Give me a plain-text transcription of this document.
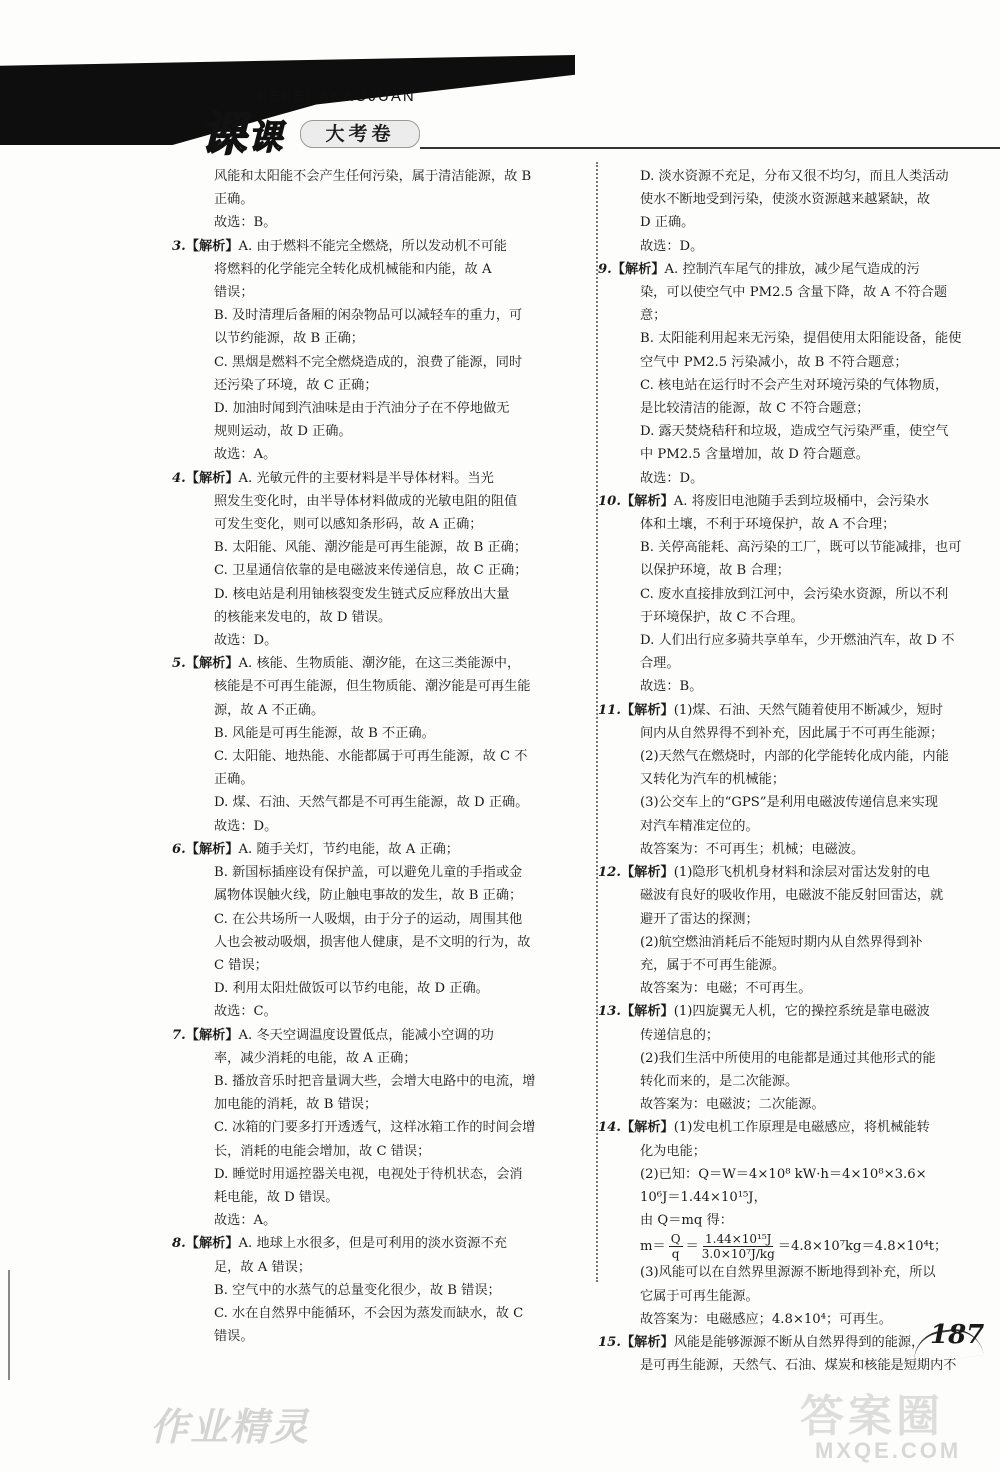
课 课
KEKEDAKAOJUAN
大考卷
风能和太阳能不会产生任何污染，属于清洁能源，故 B
正确。
故选：B。
3.【解析】A. 由于燃料不能完全燃烧，所以发动机不可能
将燃料的化学能完全转化成机械能和内能，故 A
错误；
B. 及时清理后备厢的闲杂物品可以减轻车的重力，可
以节约能源，故 B 正确；
C. 黑烟是燃料不完全燃烧造成的，浪费了能源，同时
还污染了环境，故 C 正确；
D. 加油时闻到汽油味是由于汽油分子在不停地做无
规则运动，故 D 正确。
故选：A。
4.【解析】A. 光敏元件的主要材料是半导体材料。当光
照发生变化时，由半导体材料做成的光敏电阻的阻值
可发生变化，则可以感知条形码，故 A 正确；
B. 太阳能、风能、潮汐能是可再生能源，故 B 正确；
C. 卫星通信依靠的是电磁波来传递信息，故 C 正确；
D. 核电站是利用铀核裂变发生链式反应释放出大量
的核能来发电的，故 D 错误。
故选：D。
5.【解析】A. 核能、生物质能、潮汐能，在这三类能源中，
核能是不可再生能源，但生物质能、潮汐能是可再生能
源，故 A 不正确。
B. 风能是可再生能源，故 B 不正确。
C. 太阳能、地热能、水能都属于可再生能源，故 C 不
正确。
D. 煤、石油、天然气都是不可再生能源，故 D 正确。
故选：D。
6.【解析】A. 随手关灯，节约电能，故 A 正确；
B. 新国标插座设有保护盖，可以避免儿童的手指或金
属物体误触火线，防止触电事故的发生，故 B 正确；
C. 在公共场所一人吸烟，由于分子的运动，周围其他
人也会被动吸烟，损害他人健康，是不文明的行为，故
C 错误；
D. 利用太阳灶做饭可以节约电能，故 D 正确。
故选：C。
7.【解析】A. 冬天空调温度设置低点，能减小空调的功
率，减少消耗的电能，故 A 正确；
B. 播放音乐时把音量调大些，会增大电路中的电流，增
加电能的消耗，故 B 错误；
C. 冰箱的门要多打开透透气，这样冰箱工作的时间会增
长，消耗的电能会增加，故 C 错误；
D. 睡觉时用遥控器关电视，电视处于待机状态，会消
耗电能，故 D 错误。
故选：A。
8.【解析】A. 地球上水很多，但是可利用的淡水资源不充
足，故 A 错误；
B. 空气中的水蒸气的总量变化很少，故 B 错误；
C. 水在自然界中能循环，不会因为蒸发而缺水，故 C
错误。
D. 淡水资源不充足，分布又很不均匀，而且人类活动
使水不断地受到污染，使淡水资源越来越紧缺，故
D 正确。
故选：D。
9.【解析】A. 控制汽车尾气的排放，减少尾气造成的污
染，可以使空气中 PM2.5 含量下降，故 A 不符合题意；
B. 太阳能利用起来无污染，提倡使用太阳能设备，能使
空气中 PM2.5 污染减小，故 B 不符合题意；
C. 核电站在运行时不会产生对环境污染的气体物质，
是比较清洁的能源，故 C 不符合题意；
D. 露天焚烧秸秆和垃圾，造成空气污染严重，使空气
中 PM2.5 含量增加，故 D 符合题意。
故选：D。
10.【解析】A. 将废旧电池随手丢到垃圾桶中，会污染水
体和土壤，不利于环境保护，故 A 不合理；
B. 关停高能耗、高污染的工厂，既可以节能减排，也可
以保护环境，故 B 合理；
C. 废水直接排放到江河中，会污染水资源，所以不利
于环境保护，故 C 不合理。
D. 人们出行应多骑共享单车，少开燃油汽车，故 D 不
合理。
故选：B。
11.【解析】(1)煤、石油、天然气随着使用不断减少，短时
间内从自然界得不到补充，因此属于不可再生能源；
(2)天然气在燃烧时，内部的化学能转化成内能，内能
又转化为汽车的机械能；
(3)公交车上的“GPS”是利用电磁波传递信息来实现
对汽车精准定位的。
故答案为：不可再生；机械；电磁波。
12.【解析】(1)隐形飞机机身材料和涂层对雷达发射的电
磁波有良好的吸收作用，电磁波不能反射回雷达，就
避开了雷达的探测；
(2)航空燃油消耗后不能短时期内从自然界得到补
充，属于不可再生能源。
故答案为：电磁；不可再生。
13.【解析】(1)四旋翼无人机，它的操控系统是靠电磁波
传递信息的；
(2)我们生活中所使用的电能都是通过其他形式的能
转化而来的，是二次能源。
故答案为：电磁波；二次能源。
14.【解析】(1)发电机工作原理是电磁感应，将机械能转
化为电能；
(2)已知：Q＝W＝4×10⁸ kW·h＝4×10⁸×3.6×
10⁶J＝1.44×10¹⁵J，
由 Q＝mq 得：
$m= \frac{Q}{q} = \frac{\text{1.44×10¹⁵J}}{\text{3.0×10⁷J/kg}} =4.8\times 10^7kg=4.8\times 10^4t$；
(3)风能可以在自然界里源源不断地得到补充，所以
它属于可再生能源。
故答案为：电磁感应；4.8×10⁴；可再生。
15.【解析】风能是能够源源不断从自然界得到的能源，
是可再生能源，天然气、石油、煤炭和核能是短期内不
187
作业精灵	答案圈
MXQE.COM
